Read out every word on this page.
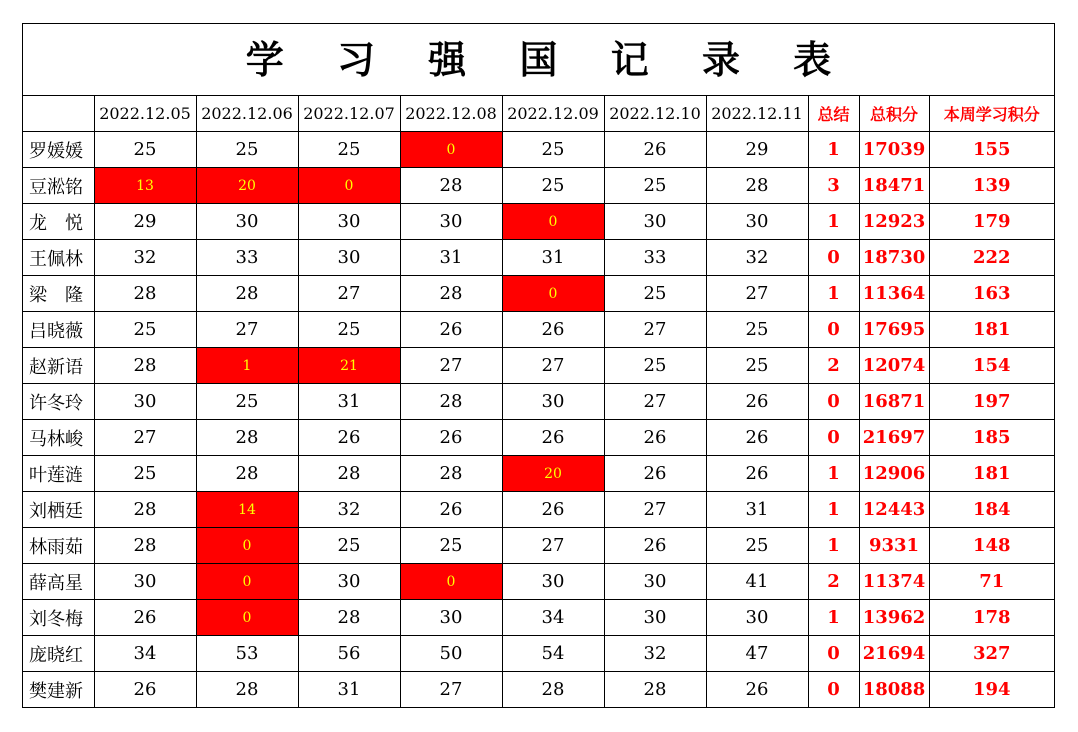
学 习 强 国 记 录 表
	2022.12.05	2022.12.06	2022.12.07	2022.12.08	2022.12.09	2022.12.10	2022.12.11	总结	总积分	本周学习积分
罗媛媛	25	25	25	0	25	26	29	1	17039	155
豆淞铭	13	20	0	28	25	25	28	3	18471	139
龙　悦	29	30	30	30	0	30	30	1	12923	179
王佩林	32	33	30	31	31	33	32	0	18730	222
梁　隆	28	28	27	28	0	25	27	1	11364	163
吕晓薇	25	27	25	26	26	27	25	0	17695	181
赵新语	28	1	21	27	27	25	25	2	12074	154
许冬玲	30	25	31	28	30	27	26	0	16871	197
马林峻	27	28	26	26	26	26	26	0	21697	185
叶莲涟	25	28	28	28	20	26	26	1	12906	181
刘栖廷	28	14	32	26	26	27	31	1	12443	184
林雨茹	28	0	25	25	27	26	25	1	9331	148
薛高星	30	0	30	0	30	30	41	2	11374	71
刘冬梅	26	0	28	30	34	30	30	1	13962	178
庞晓红	34	53	56	50	54	32	47	0	21694	327
樊建新	26	28	31	27	28	28	26	0	18088	194
